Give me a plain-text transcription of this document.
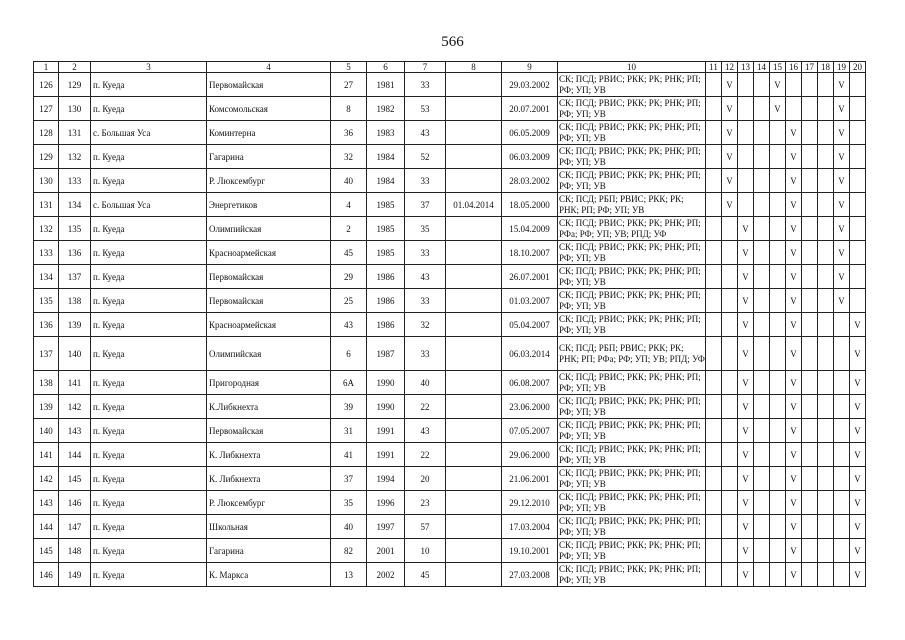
566
1	2	3	4	5	6	7	8	9	10	11	12	13	14	15	16	17	18	19	20
126	129	п. Куеда	Первомайская	27	1981	33		29.03.2002	СК; ПСД; РВИС; РКК; РК; РНК; РП; РФ; УП; УВ		V			V				V	
127	130	п. Куеда	Комсомольская	8	1982	53		20.07.2001	СК; ПСД; РВИС; РКК; РК; РНК; РП; РФ; УП; УВ		V			V				V	
128	131	с. Большая Уса	Коминтерна	36	1983	43		06.05.2009	СК; ПСД; РВИС; РКК; РК; РНК; РП; РФ; УП; УВ		V				V			V	
129	132	п. Куеда	Гагарина	32	1984	52		06.03.2009	СК; ПСД; РВИС; РКК; РК; РНК; РП; РФ; УП; УВ		V				V			V	
130	133	п. Куеда	Р. Люксембург	40	1984	33		28.03.2002	СК; ПСД; РВИС; РКК; РК; РНК; РП; РФ; УП; УВ		V				V			V	
131	134	с. Большая Уса	Энергетиков	4	1985	37	01.04.2014	18.05.2000	СК; ПСД; РБП; РВИС; РКК; РК; РНК; РП; РФ; УП; УВ		V				V			V	
132	135	п. Куеда	Олимпийская	2	1985	35		15.04.2009	СК; ПСД; РВИС; РКК; РК; РНК; РП; РФа; РФ; УП; УВ; РПД; УФ			V			V			V	
133	136	п. Куеда	Красноармейская	45	1985	33		18.10.2007	СК; ПСД; РВИС; РКК; РК; РНК; РП; РФ; УП; УВ			V			V			V	
134	137	п. Куеда	Первомайская	29	1986	43		26.07.2001	СК; ПСД; РВИС; РКК; РК; РНК; РП; РФ; УП; УВ			V			V			V	
135	138	п. Куеда	Первомайская	25	1986	33		01.03.2007	СК; ПСД; РВИС; РКК; РК; РНК; РП; РФ; УП; УВ			V			V			V	
136	139	п. Куеда	Красноармейская	43	1986	32		05.04.2007	СК; ПСД; РВИС; РКК; РК; РНК; РП; РФ; УП; УВ			V			V				V
137	140	п. Куеда	Олимпийская	6	1987	33		06.03.2014	СК; ПСД; РБП; РВИС; РКК; РК; РНК; РП; РФа; РФ; УП; УВ; РПД; УФ			V			V				V
138	141	п. Куеда	Пригородная	6А	1990	40		06.08.2007	СК; ПСД; РВИС; РКК; РК; РНК; РП; РФ; УП; УВ			V			V				V
139	142	п. Куеда	К.Либкнехта	39	1990	22		23.06.2000	СК; ПСД; РВИС; РКК; РК; РНК; РП; РФ; УП; УВ			V			V				V
140	143	п. Куеда	Первомайская	31	1991	43		07.05.2007	СК; ПСД; РВИС; РКК; РК; РНК; РП; РФ; УП; УВ			V			V				V
141	144	п. Куеда	К. Либкнехта	41	1991	22		29.06.2000	СК; ПСД; РВИС; РКК; РК; РНК; РП; РФ; УП; УВ			V			V				V
142	145	п. Куеда	К. Либкнехта	37	1994	20		21.06.2001	СК; ПСД; РВИС; РКК; РК; РНК; РП; РФ; УП; УВ			V			V				V
143	146	п. Куеда	Р. Люксембург	35	1996	23		29.12.2010	СК; ПСД; РВИС; РКК; РК; РНК; РП; РФ; УП; УВ			V			V				V
144	147	п. Куеда	Школьная	40	1997	57		17.03.2004	СК; ПСД; РВИС; РКК; РК; РНК; РП; РФ; УП; УВ			V			V				V
145	148	п. Куеда	Гагарина	82	2001	10		19.10.2001	СК; ПСД; РВИС; РКК; РК; РНК; РП; РФ; УП; УВ			V			V				V
146	149	п. Куеда	К. Маркса	13	2002	45		27.03.2008	СК; ПСД; РВИС; РКК; РК; РНК; РП; РФ; УП; УВ			V			V				V
